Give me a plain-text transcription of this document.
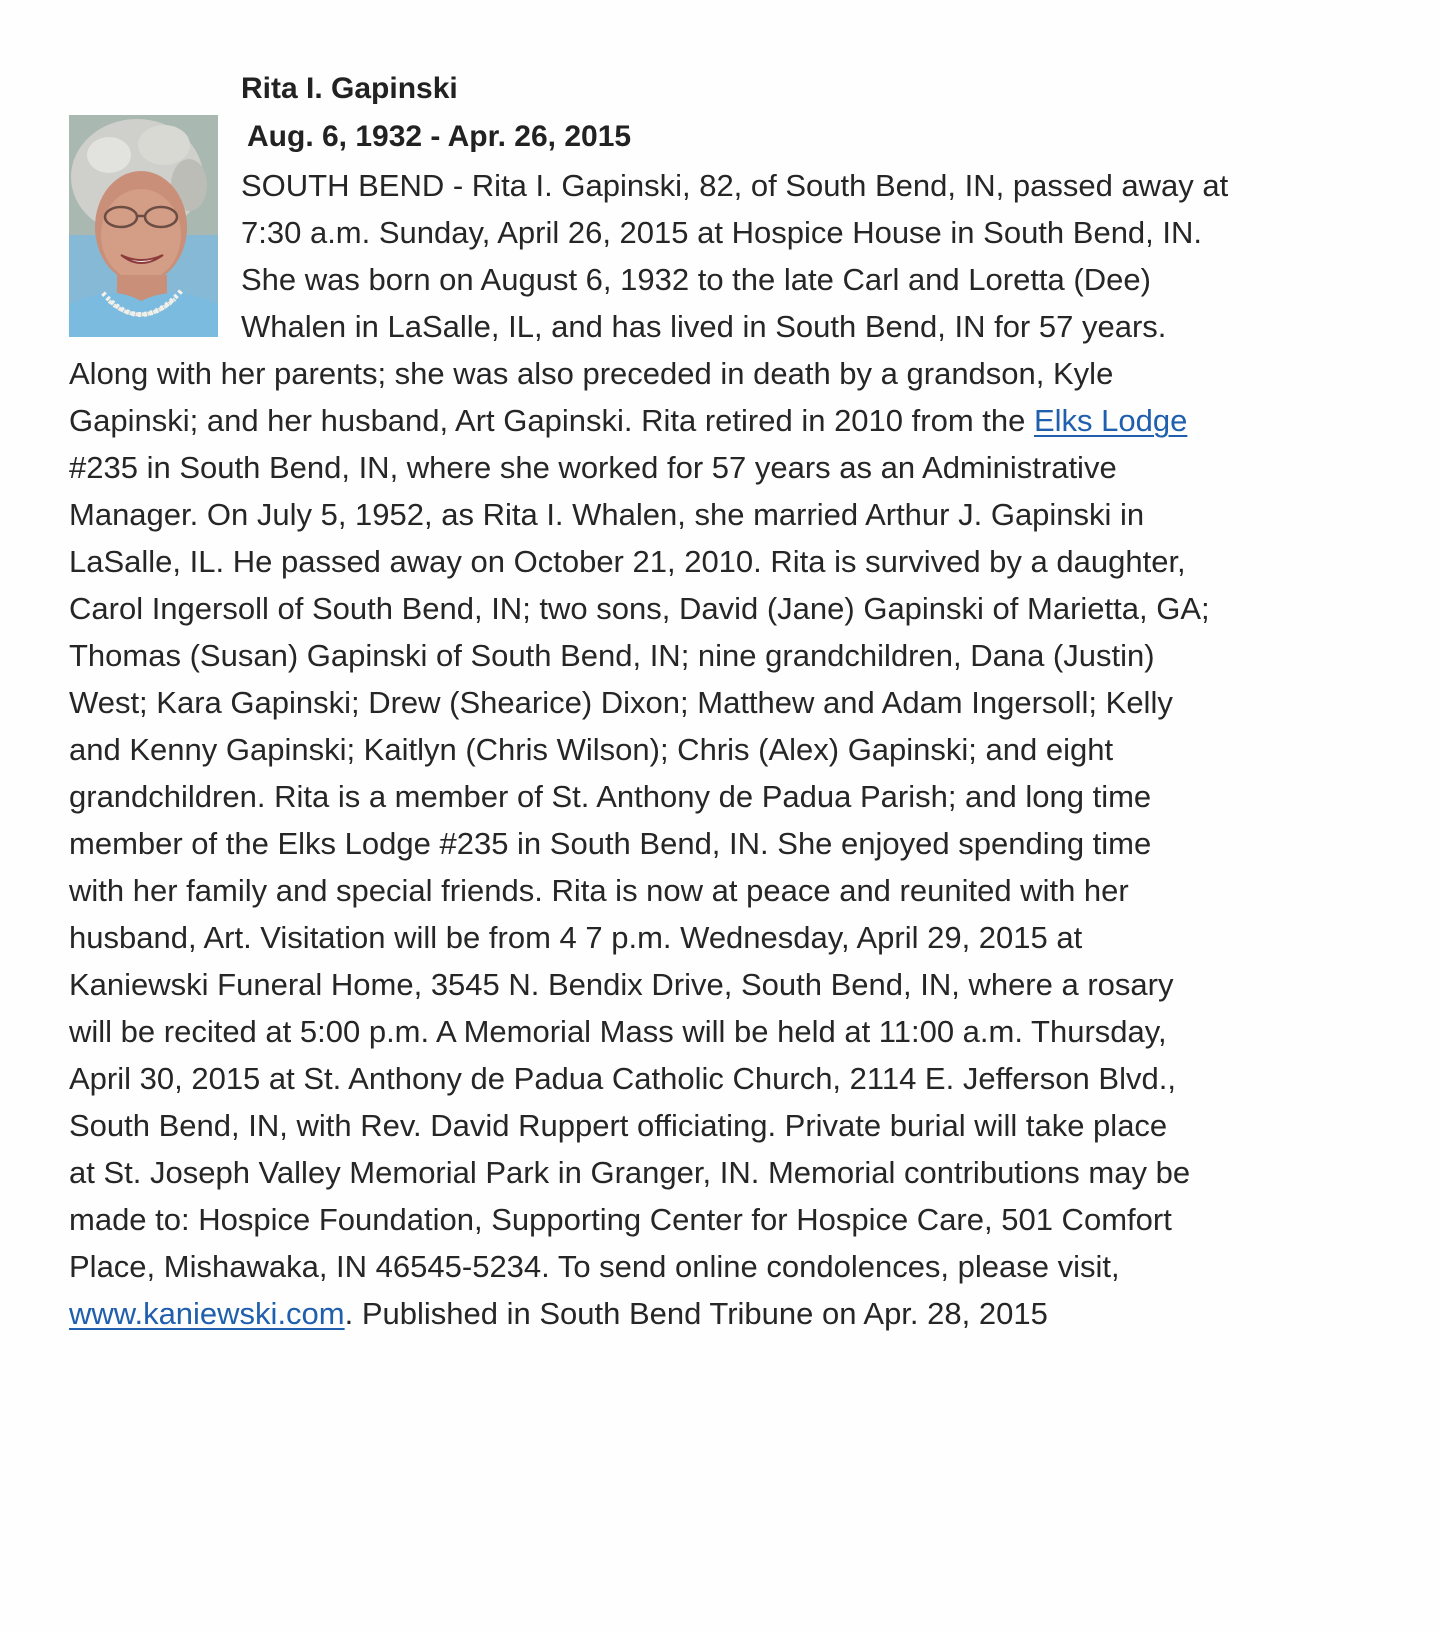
Rita I. Gapinski
Aug. 6, 1932 - Apr. 26, 2015
SOUTH BEND - Rita I. Gapinski, 82, of South Bend, IN, passed away at
7:30 a.m. Sunday, April 26, 2015 at Hospice House in South Bend, IN.
She was born on August 6, 1932 to the late Carl and Loretta (Dee)
Whalen in LaSalle, IL, and has lived in South Bend, IN for 57 years.
Along with her parents; she was also preceded in death by a grandson, Kyle
Gapinski; and her husband, Art Gapinski. Rita retired in 2010 from the Elks Lodge
#235 in South Bend, IN, where she worked for 57 years as an Administrative
Manager. On July 5, 1952, as Rita I. Whalen, she married Arthur J. Gapinski in
LaSalle, IL. He passed away on October 21, 2010. Rita is survived by a daughter,
Carol Ingersoll of South Bend, IN; two sons, David (Jane) Gapinski of Marietta, GA;
Thomas (Susan) Gapinski of South Bend, IN; nine grandchildren, Dana (Justin)
West; Kara Gapinski; Drew (Shearice) Dixon; Matthew and Adam Ingersoll; Kelly
and Kenny Gapinski; Kaitlyn (Chris Wilson); Chris (Alex) Gapinski; and eight
grandchildren. Rita is a member of St. Anthony de Padua Parish; and long time
member of the Elks Lodge #235 in South Bend, IN. She enjoyed spending time
with her family and special friends. Rita is now at peace and reunited with her
husband, Art. Visitation will be from 4 7 p.m. Wednesday, April 29, 2015 at
Kaniewski Funeral Home, 3545 N. Bendix Drive, South Bend, IN, where a rosary
will be recited at 5:00 p.m. A Memorial Mass will be held at 11:00 a.m. Thursday,
April 30, 2015 at St. Anthony de Padua Catholic Church, 2114 E. Jefferson Blvd.,
South Bend, IN, with Rev. David Ruppert officiating. Private burial will take place
at St. Joseph Valley Memorial Park in Granger, IN. Memorial contributions may be
made to: Hospice Foundation, Supporting Center for Hospice Care, 501 Comfort
Place, Mishawaka, IN 46545-5234. To send online condolences, please visit,
www.kaniewski.com. Published in South Bend Tribune on Apr. 28, 2015
